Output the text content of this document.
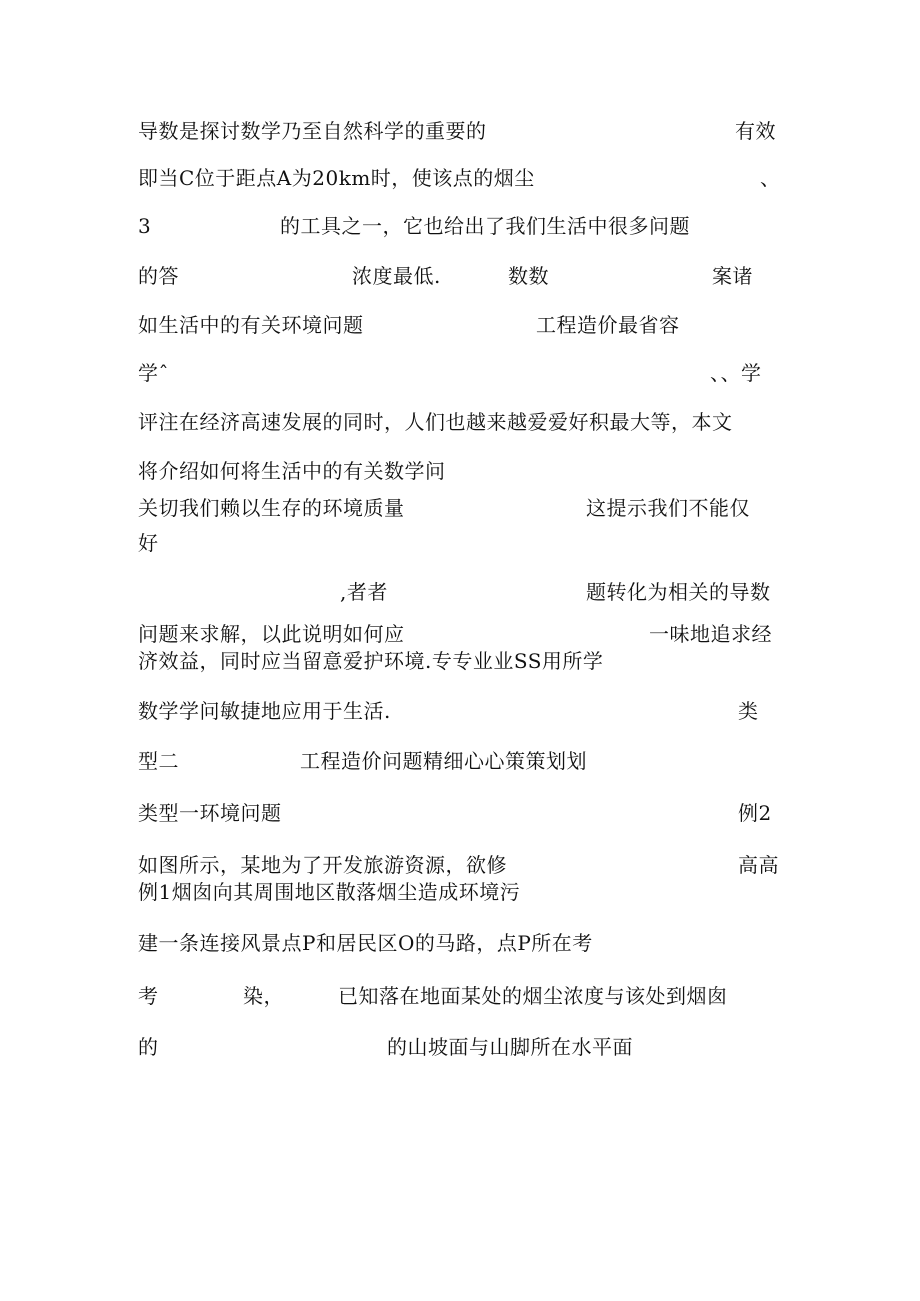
导数是探讨数学乃至自然科学的重要的	有效
即当C位于距点A为20km时，使该点的烟尘	、
3	的工具之一，它也给出了我们生活中很多问题
的答	浓度最低.	数数	案诸
如生活中的有关环境问题	工程造价最省容
学ˆ	、、学
评注在经济高速发展的同时，人们也越来越爱爱好积最大等，本文
将介绍如何将生活中的有关数学问
关切我们赖以生存的环境质量	这提示我们不能仅
好
,者者	题转化为相关的导数
问题来求解，以此说明如何应	一味地追求经
济效益，同时应当留意爱护环境.专专业业SS用所学
数学学问敏捷地应用于生活.	类
型二	工程造价问题精细心心策策划划
类型一环境问题	例2
如图所示，某地为了开发旅游资源，欲修	高高
例1烟囱向其周围地区散落烟尘造成环境污
建一条连接风景点P和居民区O的马路，点P所在考
考	染，	已知落在地面某处的烟尘浓度与该处到烟囱
的	的山坡面与山脚所在水平面
